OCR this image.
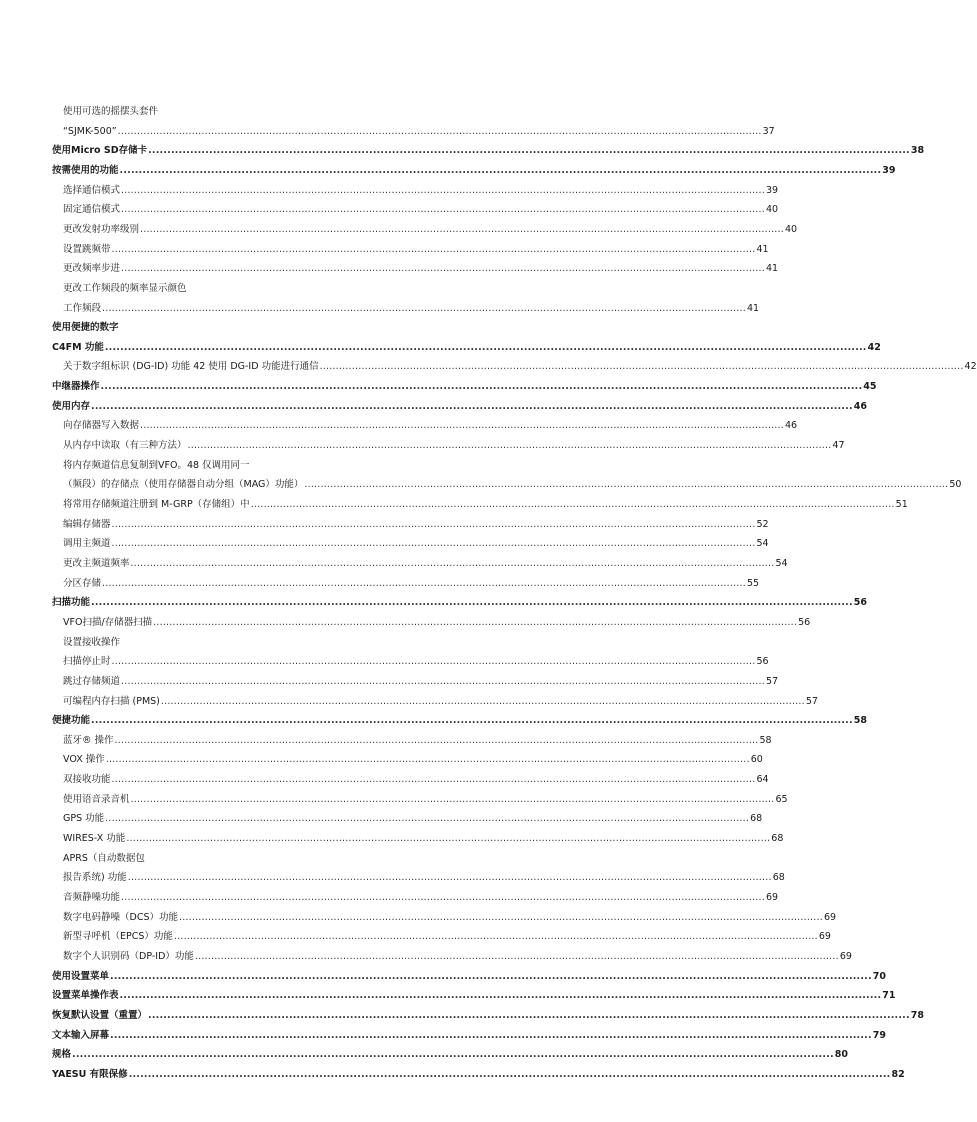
使用可选的摇摆头套件
“SJMK-500” ........................................................................................................................................................................................................ 37
使用Micro SD存储卡 ........................................................................................................................................................................................................ 38
按需使用的功能 ........................................................................................................................................................................................................ 39
选择通信模式 ........................................................................................................................................................................................................ 39
固定通信模式 ........................................................................................................................................................................................................ 40
更改发射功率级别 ........................................................................................................................................................................................................ 40
设置跳频带 ........................................................................................................................................................................................................ 41
更改频率步进 ........................................................................................................................................................................................................ 41
更改工作频段的频率显示颜色
工作频段 ........................................................................................................................................................................................................ 41
使用便捷的数字
C4FM 功能 ........................................................................................................................................................................................................ 42
关于数字组标识 (DG-ID) 功能 42 使用 DG-ID 功能进行通信 ........................................................................................................................................................................................................ 42
中继器操作 ........................................................................................................................................................................................................ 45
使用内存 ........................................................................................................................................................................................................ 46
向存储器写入数据 ........................................................................................................................................................................................................ 46
从内存中读取（有三种方法） ........................................................................................................................................................................................................ 47
将内存频道信息复制到VFO。48 仅调用同一
（频段）的存储点（使用存储器自动分组（MAG）功能） ........................................................................................................................................................................................................ 50
将常用存储频道注册到 M-GRP（存储组）中 ........................................................................................................................................................................................................ 51
编辑存储器 ........................................................................................................................................................................................................ 52
调用主频道 ........................................................................................................................................................................................................ 54
更改主频道频率 ........................................................................................................................................................................................................ 54
分区存储 ........................................................................................................................................................................................................ 55
扫描功能 ........................................................................................................................................................................................................ 56
VFO扫描/存储器扫描 ........................................................................................................................................................................................................ 56
设置接收操作
扫描停止时 ........................................................................................................................................................................................................ 56
跳过存储频道 ........................................................................................................................................................................................................ 57
可编程内存扫描 (PMS) ........................................................................................................................................................................................................ 57
便捷功能 ........................................................................................................................................................................................................ 58
蓝牙® 操作 ........................................................................................................................................................................................................ 58
VOX 操作 ........................................................................................................................................................................................................ 60
双接收功能 ........................................................................................................................................................................................................ 64
使用语音录音机 ........................................................................................................................................................................................................ 65
GPS 功能 ........................................................................................................................................................................................................ 68
WIRES-X 功能 ........................................................................................................................................................................................................ 68
APRS（自动数据包
报告系统) 功能 ........................................................................................................................................................................................................ 68
音频静噪功能 ........................................................................................................................................................................................................ 69
数字电码静噪（DCS）功能 ........................................................................................................................................................................................................ 69
新型寻呼机（EPCS）功能 ........................................................................................................................................................................................................ 69
数字个人识别码（DP-ID）功能 ........................................................................................................................................................................................................ 69
使用设置菜单 ........................................................................................................................................................................................................ 70
设置菜单操作表 ........................................................................................................................................................................................................ 71
恢复默认设置（重置） ........................................................................................................................................................................................................ 78
文本输入屏幕 ........................................................................................................................................................................................................ 79
规格 ........................................................................................................................................................................................................ 80
YAESU 有限保修 ........................................................................................................................................................................................................ 82
